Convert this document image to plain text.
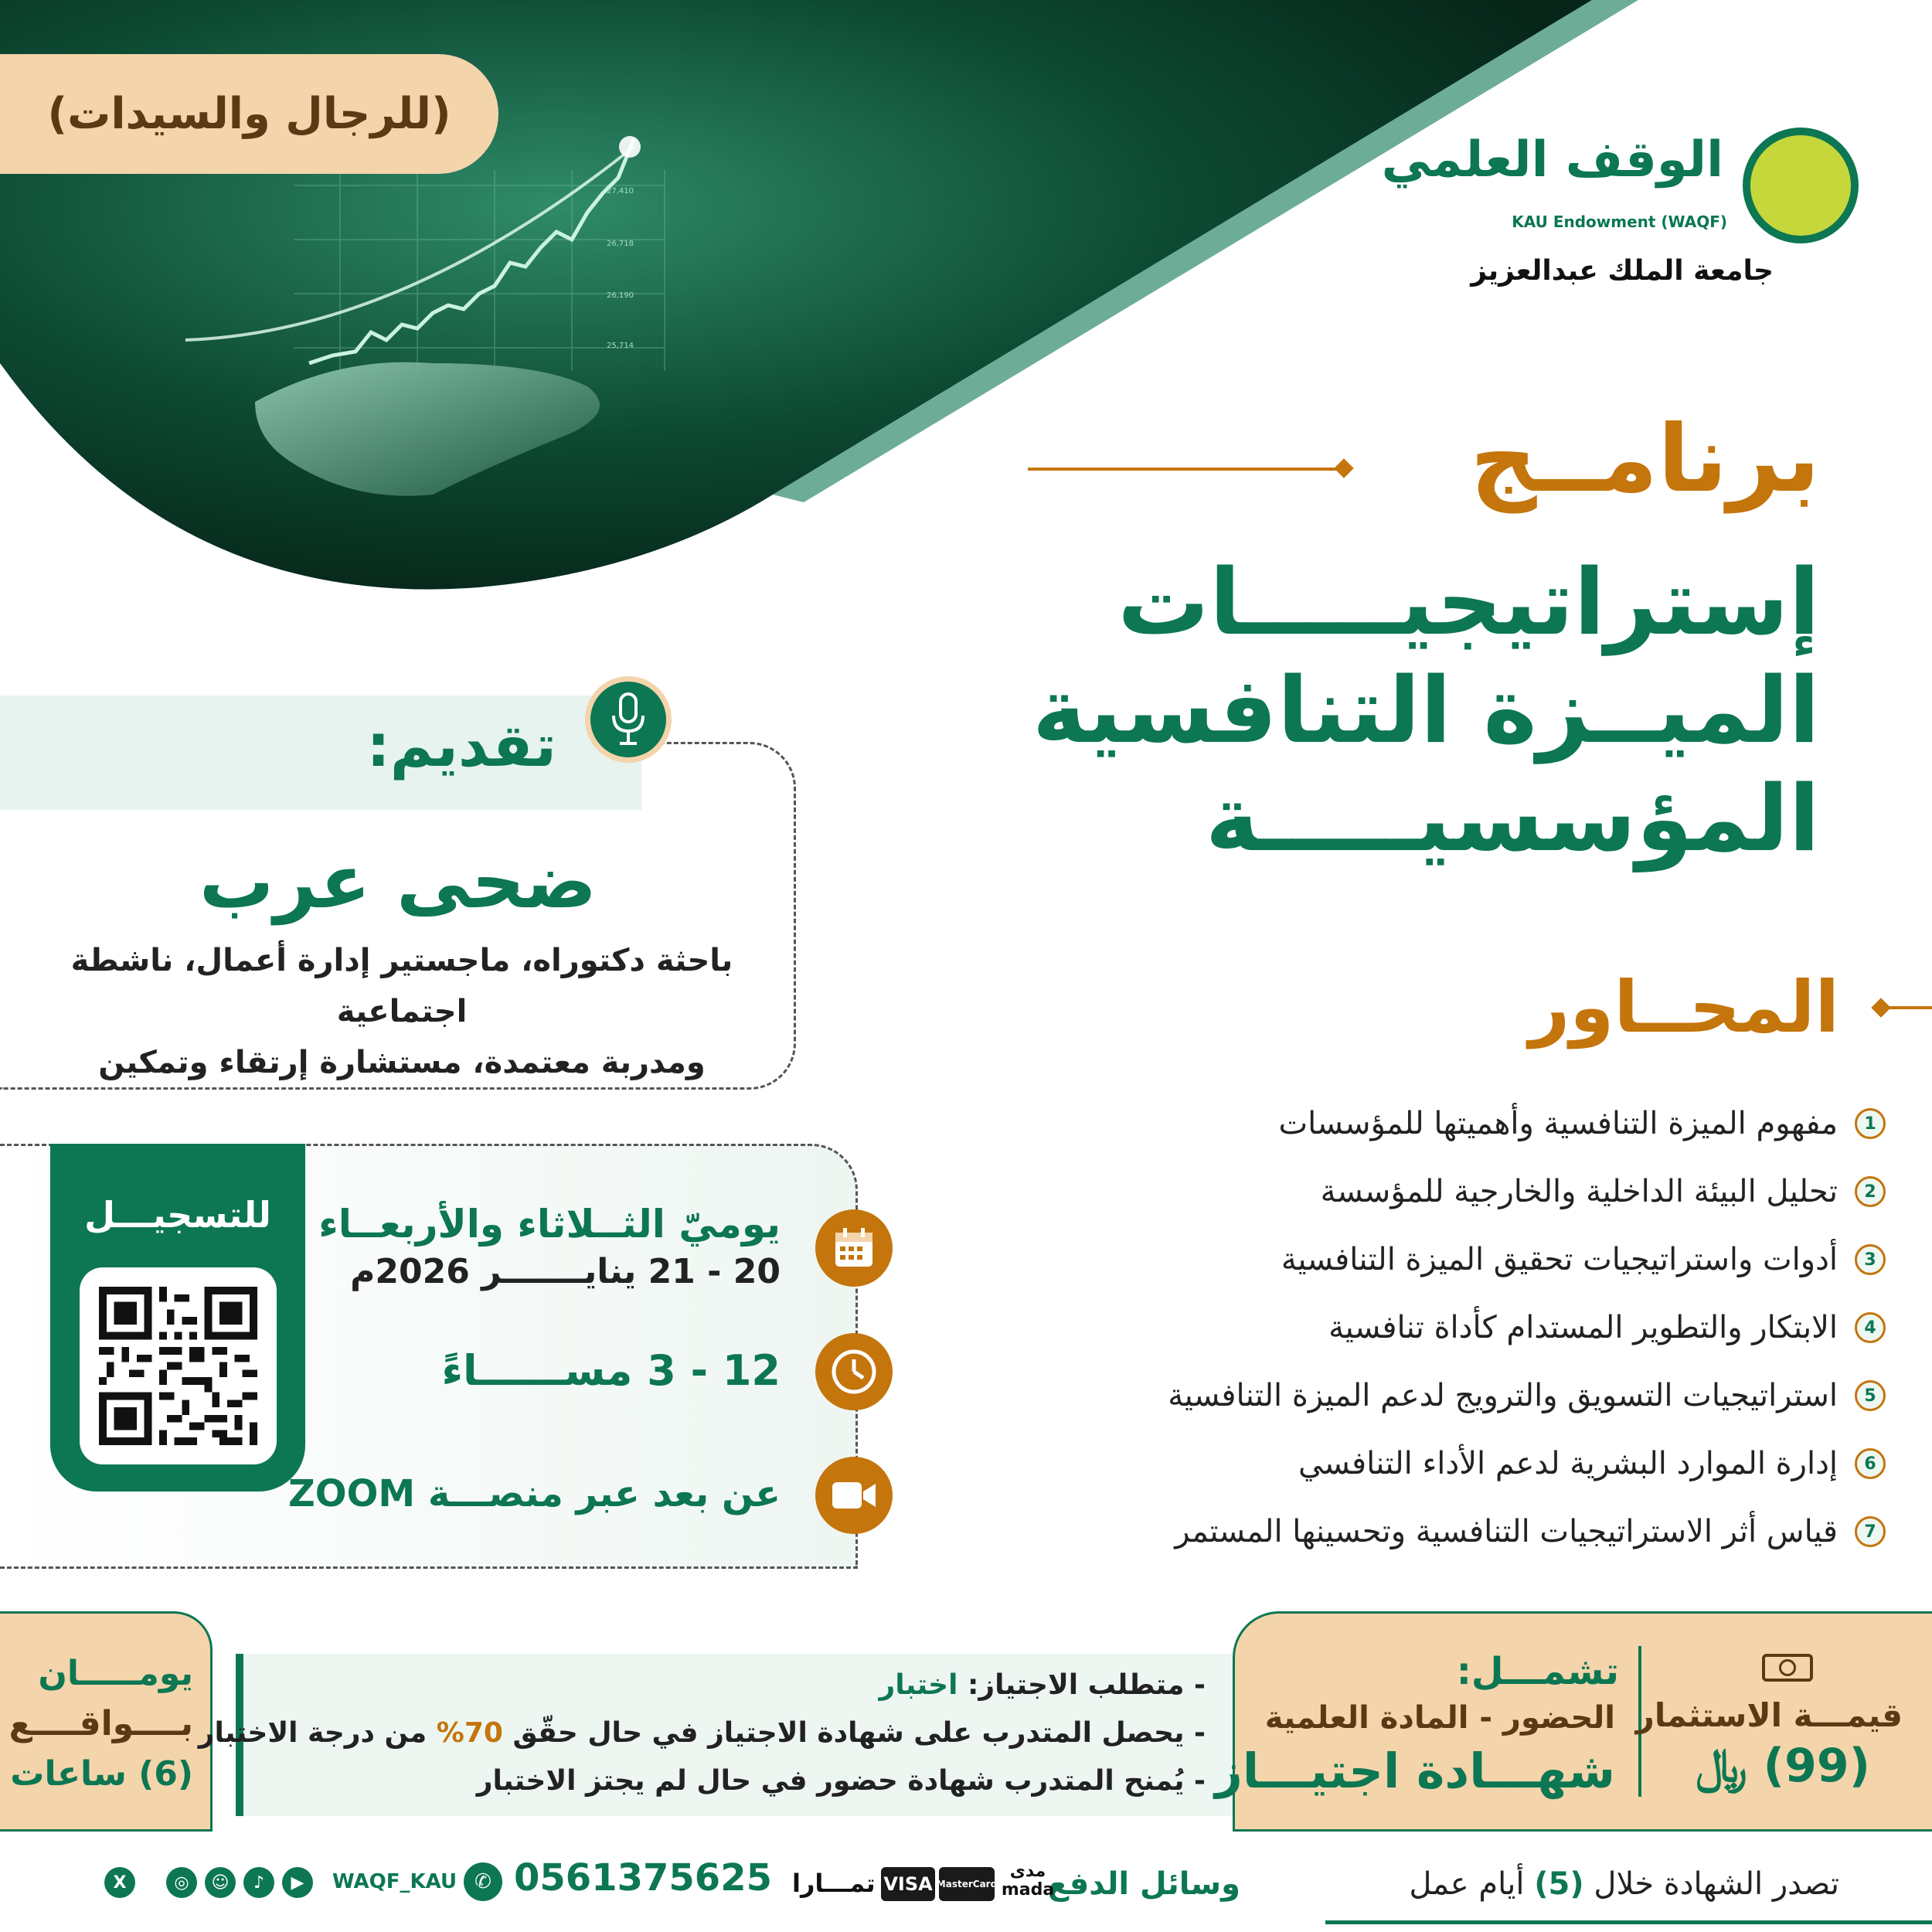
27,410
26,718
26,190
25,714
(للرجال والسيدات)
الوقف العلمي
KAU Endowment (WAQF)
جامعة الملك عبدالعزيز
برنامــج
إستراتيجيـــــات
الميــزة التنافسية
المؤسسيـــــة
تقديم:
ضحى عرب
باحثة دكتوراه، ماجستير إدارة أعمال، ناشطة اجتماعية
ومدربة معتمدة، مستشارة إرتقاء وتمكين
المحــاور
1
مفهوم الميزة التنافسية وأهميتها للمؤسسات
2
تحليل البيئة الداخلية والخارجية للمؤسسة
3
أدوات واستراتيجيات تحقيق الميزة التنافسية
4
الابتكار والتطوير المستدام كأداة تنافسية
5
استراتيجيات التسويق والترويج لدعم الميزة التنافسية
6
إدارة الموارد البشرية لدعم الأداء التنافسي
7
قياس أثر الاستراتيجيات التنافسية وتحسينها المستمر
للتسجيـــل	يوميّ الثــلاثاء والأربعــاء
20 - 21 ينايـــــــر 2026م
12 - 3 مســــــاءً
عن بعد عبر منصـــة ZOOM
يومـــــان
بــــواقــــع
(6) ساعات
- متطلب الاجتياز: اختبار
- يحصل المتدرب على شهادة الاجتياز في حال حقّق 70% من درجة الاختبار
- يُمنح المتدرب شهادة حضور في حال لم يجتز الاختبار
تشمـــل:
الحضور - المادة العلمية
شهـــادة اجتيـــاز
قيمـــة الاستثمار
(99) ﷼
تصدر الشهادة خلال (5) أيام عمل
وسائل الدفع
مدى mada
MasterCard
VISA
تمـــارا
0561375625
✆
WAQF_KAU
▶
♪
☺
◎
X
